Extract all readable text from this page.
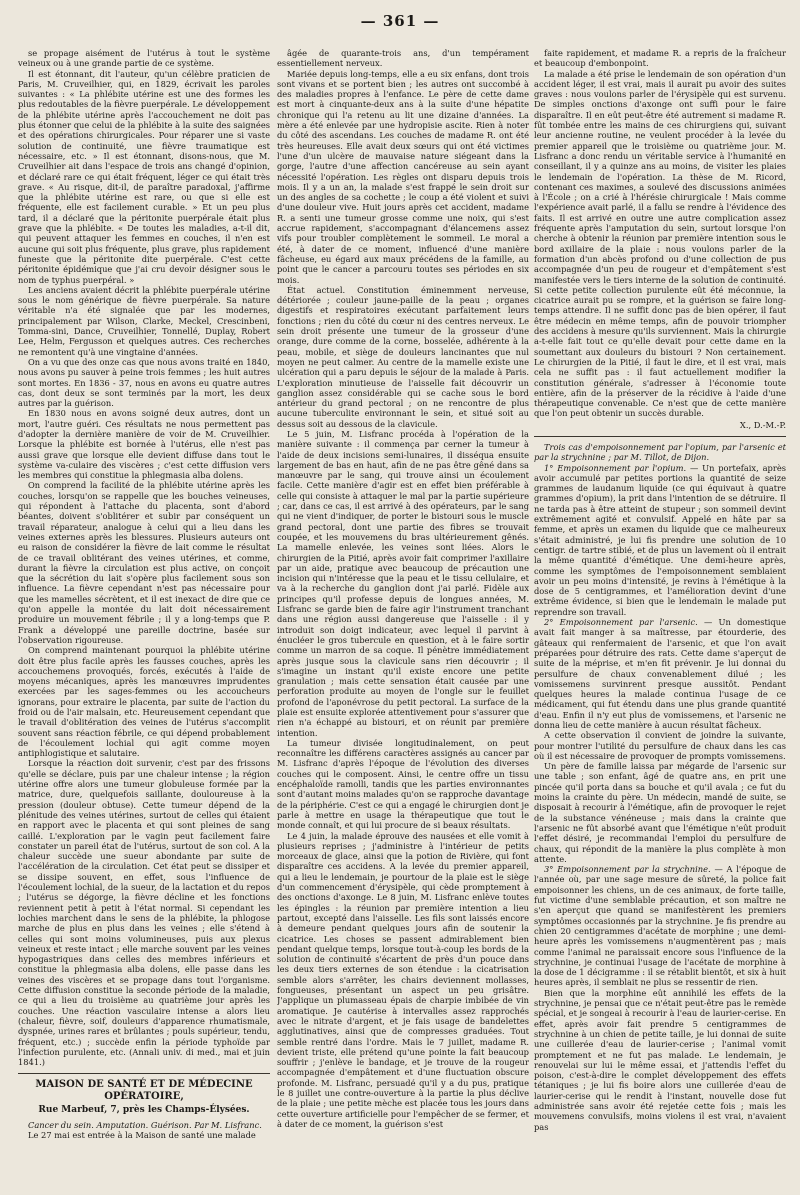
— 361 —

se propage aisément de l'utérus à tout le système veineux ou à une grande partie de ce système.

Il est étonnant, dit l'auteur, qu'un célèbre praticien de Paris, M. Cruveilhier, qui, en 1829, écrivait les paroles suivantes : « La phlébite utérine est une des formes les plus redoutables de la fièvre puerpérale. Le développement de la phlébite utérine après l'accouchement ne doit pas plus étonner que celui de la phlébite à la suite des saignées et des opérations chirurgicales. Pour réparer une si vaste solution de continuité, une fièvre traumatique est nécessaire, etc. » Il est étonnant, disons-nous, que M. Cruveilhier ait dans l'espace de trois ans changé d'opinion, et déclaré rare ce qui était fréquent, léger ce qui était très grave. « Au risque, dit-il, de paraître paradoxal, j'affirme que la phlébite utérine est rare, ou que si elle est fréquente, elle est facilement curable. » Et un peu plus tard, il a déclaré que la péritonite puerpérale était plus grave que la phlébite. « De toutes les maladies, a-t-il dit, qui peuvent attaquer les femmes en couches, il n'en est aucune qui soit plus fréquente, plus grave, plus rapidement funeste que la péritonite dite puerpérale. C'est cette péritonite épidémique que j'ai cru devoir désigner sous le nom de typhus puerpéral. »

Les anciens avaient décrit la phlébite puerpérale utérine sous le nom générique de fièvre puerpérale. Sa nature véritable n'a été signalée que par les modernes, principalement par Wilson, Clarke, Meckel, Crescinbeni, Tomma-sini, Dance, Cruveilhier, Tonnellé, Duplay, Robert Lee, Helm, Fergusson et quelques autres. Ces recherches ne remontent qu'à une vingtaine d'années.

On a vu que des onze cas que nous avons traité en 1840, nous avons pu sauver à peine trois femmes ; les huit autres sont mortes. En 1836 - 37, nous en avons eu quatre autres cas, dont deux se sont terminés par la mort, les deux autres par la guérison.

En 1830 nous en avons soigné deux autres, dont un mort, l'autre guéri. Ces résultats ne nous permettent pas d'adopter la dernière manière de voir de M. Cruveilhier. Lorsque la phlébite est bornée à l'utérus, elle n'est pas aussi grave que lorsque elle devient diffuse dans tout le système va-culaire des viscères ; c'est cette diffusion vers les membres qui constitue la phlegmasia alba dolens.

On comprend la facilité de la phlébite utérine après les couches, lorsqu'on se rappelle que les bouches veineuses, qui répondent à l'attache du placenta, sont d'abord béantes, doivent s'oblitérer et subir par conséquent un travail réparateur, analogue à celui qui a lieu dans les veines externes après les blessures. Plusieurs auteurs ont eu raison de considérer la fièvre de lait comme le résultat de ce travail oblitérant des veines utérines, et comme, durant la fièvre la circulation est plus active, on conçoit que la sécrétion du lait s'opère plus facilement sous son influence. La fièvre cependant n'est pas nécessaire pour que les mamelles sécrètent, et il est inexact de dire que ce qu'on appelle la montée du lait doit nécessairement produire un mouvement fébrile ; il y a long-temps que P. Frank a développé une pareille doctrine, basée sur l'observation rigoureuse.

On comprend maintenant pourquoi la phlébite utérine doit être plus facile après les fausses couches, après les accouchemens provoqués, forcés, exécutés à l'aide de moyens mécaniques, après les manœuvres imprudentes exercées par les sages-femmes ou les accoucheurs ignorans, pour extraire le placenta, par suite de l'action du froid ou de l'air malsain, etc. Heureusement cependant que le travail d'oblitération des veines de l'utérus s'accomplit souvent sans réaction fébrile, ce qui dépend probablement de l'écoulement lochial qui agit comme moyen antiphlogistique et salutaire.

Lorsque la réaction doit survenir, c'est par des frissons qu'elle se déclare, puis par une chaleur intense ; la région utérine offre alors une tumeur globuleuse formée par la matrice, dure, quelquefois saillante, douloureuse à la pression (douleur obtuse). Cette tumeur dépend de la plénitude des veines utérines, surtout de celles qui étaient en rapport avec le placenta et qui sont pleines de sang caillé. L'exploration par le vagin peut facilement faire constater un pareil état de l'utérus, surtout de son col. A la chaleur succède une sueur abondante par suite de l'accélération de la circulation. Cet état peut se dissiper et se dissipe souvent, en effet, sous l'influence de l'écoulement lochial, de la sueur, de la lactation et du repos ; l'utérus se dégorge, la fièvre décline et les fonctions reviennent petit à petit à l'état normal. Si cependant les lochies marchent dans le sens de la phlébite, la phlogose marche de plus en plus dans les veines ; elle s'étend à celles qui sont moins volumineuses, puis aux plexus veineux et reste intact ; elle marche souvent par les veines hypogastriques dans celles des membres inférieurs et constitue la phlegmasia alba dolens, elle passe dans les veines des viscères et se propage dans tout l'organisme. Cette diffusion constitue la seconde période de la maladie, ce qui a lieu du troisième au quatrième jour après les couches. Une réaction vasculaire intense a alors lieu (chaleur, fièvre, soif, douleurs d'apparence rhumatismale, dyspnée, urines rares et brûlantes ; pouls supérieur, tendu, fréquent, etc.) ; succède enfin la période typhoïde par l'infection purulente, etc. (Annali univ. di med., mai et juin 1841.)

MAISON DE SANTÉ ET DE MÉDECINE OPÉRATOIRE,
Rue Marbeuf, 7, près les Champs-Élysées.

Cancer du sein. Amputation. Guérison. Par M. Lisfranc.

Le 27 mai est entrée à la Maison de santé une malade

âgée de quarante-trois ans, d'un tempérament essentiellement nerveux.

Mariée depuis long-temps, elle a eu six enfans, dont trois sont vivans et se portent bien ; les autres ont succombé à des maladies propres à l'enfance. Le père de cette dame est mort à cinquante-deux ans à la suite d'une hépatite chronique qui l'a retenu au lit une dizaine d'années. La mère a été enlevée par une hydropisie ascite. Rien à noter du côté des ascendans. Les couches de madame R. ont été très heureuses. Elle avait deux sœurs qui ont été victimes l'une d'un ulcère de mauvaise nature siégeant dans la gorge, l'autre d'une affection cancéreuse au sein ayant nécessité l'opération. Les règles ont disparu depuis trois mois. Il y a un an, la malade s'est frappé le sein droit sur un des angles de sa cochette ; le coup a été violent et suivi d'une douleur vive. Huit jours après cet accident, madame R. a senti une tumeur grosse comme une noix, qui s'est accrue rapidement, s'accompagnant d'élancemens assez vifs pour troubler complètement le sommeil. Le moral a été, à dater de ce moment, influencé d'une manière fâcheuse, eu égard aux maux précédens de la famille, au point que le cancer a parcouru toutes ses périodes en six mois.

État actuel. Constitution éminemment nerveuse, détériorée ; couleur jaune-paille de la peau ; organes digestifs et respiratoires exécutant parfaitement leurs fonctions ; rien du côté du cœur ni des centres nerveux. Le sein droit présente une tumeur de la grosseur d'une orange, dure comme de la corne, bosselée, adhérente à la peau, mobile, et siège de douleurs lancinantes que nul moyen ne peut calmer. Au centre de la mamelle existe une ulcération qui a paru depuis le séjour de la malade à Paris. L'exploration minutieuse de l'aisselle fait découvrir un ganglion assez considérable qui se cache sous le bord antérieur du grand pectoral ; on ne rencontre de plus aucune tuberculite environnant le sein, et situé soit au dessus soit au dessous de la clavicule.

Le 5 juin, M. Lisfranc procéda à l'opération de la manière suivante : il commença par cerner la tumeur à l'aide de deux incisions semi-lunaires, il disséqua ensuite largement de bas en haut, afin de ne pas être gêné dans sa manœuvre par le sang, qui trouve ainsi un écoulement facile. Cette manière d'agir est en effet bien préférable à celle qui consiste à attaquer le mal par la partie supérieure ; car, dans ce cas, il est arrivé à des opérateurs, par le sang qui ne vient d'indiquer, de porter le bistouri sous le muscle grand pectoral, dont une partie des fibres se trouvait coupée, et les mouvemens du bras ultérieurement gênés. La mamelle enlevée, les veines sont liées. Alors le chirurgien de la Pitié, après avoir fait comprimer l'axillaire par un aide, pratique avec beaucoup de précaution une incision qui n'intéresse que la peau et le tissu cellulaire, et va à la recherche du ganglion dont j'ai parlé. Fidèle aux principes qu'il professe depuis de longues années, M. Lisfranc se garde bien de faire agir l'instrument tranchant dans une région aussi dangereuse que l'aisselle : il y introduit son doigt indicateur, avec lequel il parvint à énucléer le gros tubercule en question, et à le faire sortir comme un marron de sa coque. Il pénètre immédiatement après jusque sous la clavicule sans rien découvrir ; il s'imagine un instant qu'il existe encore une petite granulation ; mais cette sensation était causée par une perforation produite au moyen de l'ongle sur le feuillet profond de l'aponévrose du petit pectoral. La surface de la plaie est ensuite explorée attentivement pour s'assurer que rien n'a échappé au bistouri, et on réunit par première intention.

La tumeur divisée longitudinalement, on peut reconnaître les différens caractères assignés au cancer par M. Lisfranc d'après l'époque de l'évolution des diverses couches qui le composent. Ainsi, le centre offre un tissu encéphaloïde ramolli, tandis que les parties environnantes sont d'autant moins malades qu'on se rapproche davantage de la périphérie. C'est ce qui a engagé le chirurgien dont je parle à mettre en usage la thérapeutique que tout le monde connaît, et qui lui procure de si beaux résultats.

Le 4 juin, la malade éprouve des nausées et elle vomit à plusieurs reprises ; j'administre à l'intérieur de petits morceaux de glace, ainsi que la potion de Rivière, qui font disparaître ces accidens. A la levée du premier appareil, qui a lieu le lendemain, je pourtour de la plaie est le siège d'un commencement d'érysipèle, qui cède promptement à des onctions d'axonge. Le 8 juin, M. Lisfranc enlève toutes les épingles : la réunion par première intention a lieu partout, excepté dans l'aisselle. Les fils sont laissés encore à demeure pendant quelques jours afin de soutenir la cicatrice. Les choses se passent admirablement bien pendant quelque temps, lorsque tout-à-coup les bords de la solution de continuité s'écartent de près d'un pouce dans les deux tiers externes de son étendue : la cicatrisation semble alors s'arrêter, les chairs deviennent mollasses, fongueuses, présentant un aspect un peu grisâtre. J'applique un plumasseau épais de charpie imbibée de vin aromatique. Je cautérise à intervalles assez rapprochés avec le nitrate d'argent, et je fais usage de bandelettes agglutinatives, ainsi que de compresses graduées. Tout semble rentré dans l'ordre. Mais le 7 juillet, madame R. devient triste, elle prétend qu'une pointe la fait beaucoup souffrir ; j'enlève le bandage, et je trouve de la rougeur accompagnée d'empâtement et d'une fluctuation obscure profonde. M. Lisfranc, persuadé qu'il y a du pus, pratique le 8 juillet une contre-ouverture à la partie la plus déclive de la plaie ; une petite mèche est placée tous les jours dans cette ouverture artificielle pour l'empêcher de se fermer, et à dater de ce moment, la guérison s'est

faite rapidement, et madame R. a repris de la fraîcheur et beaucoup d'embonpoint.

La malade a été prise le lendemain de son opération d'un accident léger, il est vrai, mais il aurait pu avoir des suites graves : nous voulons parler de l'érysipèle qui est survenu. De simples onctions d'axonge ont suffi pour le faire disparaître. Il en eût peut-être été autrement si madame R. fût tombée entre les mains de ces chirurgiens qui, suivant leur ancienne routine, ne veulent procéder à la levée du premier appareil que le troisième ou quatrième jour. M. Lisfranc a donc rendu un véritable service à l'humanité en conseillant, il y a quinze ans au moins, de visiter les plaies le lendemain de l'opération. La thèse de M. Ricord, contenant ces maximes, a soulevé des discussions animées à l'École ; on a crié à l'hérésie chirurgicale ! Mais comme l'expérience avait parlé, il a fallu se rendre à l'évidence des faits. Il est arrivé en outre une autre complication assez fréquente après l'amputation du sein, surtout lorsque l'on cherche à obtenir la réunion par première intention sous le bord axillaire de la plaie : nous voulons parler de la formation d'un abcès profond ou d'une collection de pus accompagnée d'un peu de rougeur et d'empâtement s'est manifestée vers le tiers interne de la solution de continuité. Si cette petite collection purulente eût été méconnue, la cicatrice aurait pu se rompre, et la guérison se faire long-temps attendre. Il ne suffit donc pas de bien opérer, il faut être médecin en même temps, afin de pouvoir triompher des accidens à mesure qu'ils surviennent. Mais la chirurgie a-t-elle fait tout ce qu'elle devait pour cette dame en la soumettant aux douleurs du bistouri ? Non certainement. Le chirurgien de la Pitié, il faut le dire, et il est vrai, mais cela ne suffit pas : il faut actuellement modifier la constitution générale, s'adresser à l'économie toute entière, afin de la préserver de la récidive à l'aide d'une thérapeutique convenable. Ce n'est que de cette manière que l'on peut obtenir un succès durable.

X., D.-M.-P.

Trois cas d'empoisonnement par l'opium, par l'arsenic et par la strychnine ; par M. Tillot, de Dijon.

1° Empoisonnement par l'opium. — Un portefaix, après avoir accumulé par petites portions la quantité de seize grammes de laudanum liquide (ce qui équivaut à quatre grammes d'opium), la prit dans l'intention de se détruire. Il ne tarda pas à être atteint de stupeur ; son sommeil devint extrêmement agité et convulsif. Appelé en hâte par sa femme, et après un examen du liquide que ce malheureux s'était administré, je lui fis prendre une solution de 10 centigr. de tartre stibié, et de plus un lavement où il entrait la même quantité d'émétique. Une demi-heure après, comme les symptômes de l'empoisonnement semblaient avoir un peu moins d'intensité, je revins à l'émétique à la dose de 5 centigrammes, et l'amélioration devint d'une extrême évidence, si bien que le lendemain le malade put reprendre son travail.

2° Empoisonnement par l'arsenic. — Un domestique avait fait manger à sa maîtresse, par étourderie, des gâteaux qui renfermaient de l'arsenic, et que l'on avait préparées pour détruire des rats. Cette dame s'aperçut de suite de la méprise, et m'en fit prévenir. Je lui donnai du persulfure de chaux convenablement dilué ; les vomissemens survinrent presque aussitôt. Pendant quelques heures la malade continua l'usage de ce médicament, qui fut étendu dans une plus grande quantité d'eau. Enfin il n'y eut plus de vomissemens, et l'arsenic ne donna lieu de cette manière à aucun résultat fâcheux.

A cette observation il convient de joindre la suivante, pour montrer l'utilité du persulfure de chaux dans les cas où il est nécessaire de provoquer de prompts vomissemens.

Un père de famille laissa par mégarde de l'arsenic sur une table ; son enfant, âgé de quatre ans, en prit une pincée qu'il porta dans sa bouche et qu'il avala ; ce fut du moins la crainte du père. Un médecin, mandé de suite, se disposait à recourir à l'émétique, afin de provoquer le rejet de la substance vénéneuse ; mais dans la crainte que l'arsenic ne fût absorbé avant que l'émétique n'eût produit l'effet désiré, je recommandai l'emploi du persulfure de chaux, qui répondit de la manière la plus complète à mon attente.

3° Empoisonnement par la strychnine. — A l'époque de l'année où, par une sage mesure de sûreté, la police fait empoisonner les chiens, un de ces animaux, de forte taille, fut victime d'une semblable précaution, et son maître ne s'en aperçut que quand se manifestèrent les premiers symptômes occasionnés par la strychnine. Je fis prendre au chien 20 centigrammes d'acétate de morphine ; une demi-heure après les vomissemens n'augmentèrent pas ; mais comme l'animal ne paraissait encore sous l'influence de la strychnine, je continuai l'usage de l'acétate de morphine à la dose de 1 décigramme : il se rétablit bientôt, et six à huit heures après, il semblait ne plus se ressentir de rien.

Bien que la morphine eût annihilé les effets de la strychnine, je pensai que ce n'était peut-être pas le remède spécial, et je songeai à recourir à l'eau de laurier-cerise. En effet, après avoir fait prendre 5 centigrammes de strychnine à un chien de petite taille, je lui donnai de suite une cuillerée d'eau de laurier-cerise ; l'animal vomit promptement et ne fut pas malade. Le lendemain, je renouvelai sur lui le même essai, et j'attendis l'effet du poison, c'est-à-dire le complet développement des effets tétaniques ; je lui fis boire alors une cuillerée d'eau de laurier-cerise qui le rendit à l'instant, nouvelle dose fut administrée sans avoir été rejetée cette fois ; mais les mouvemens convulsifs, moins violens il est vrai, n'avaient pas
